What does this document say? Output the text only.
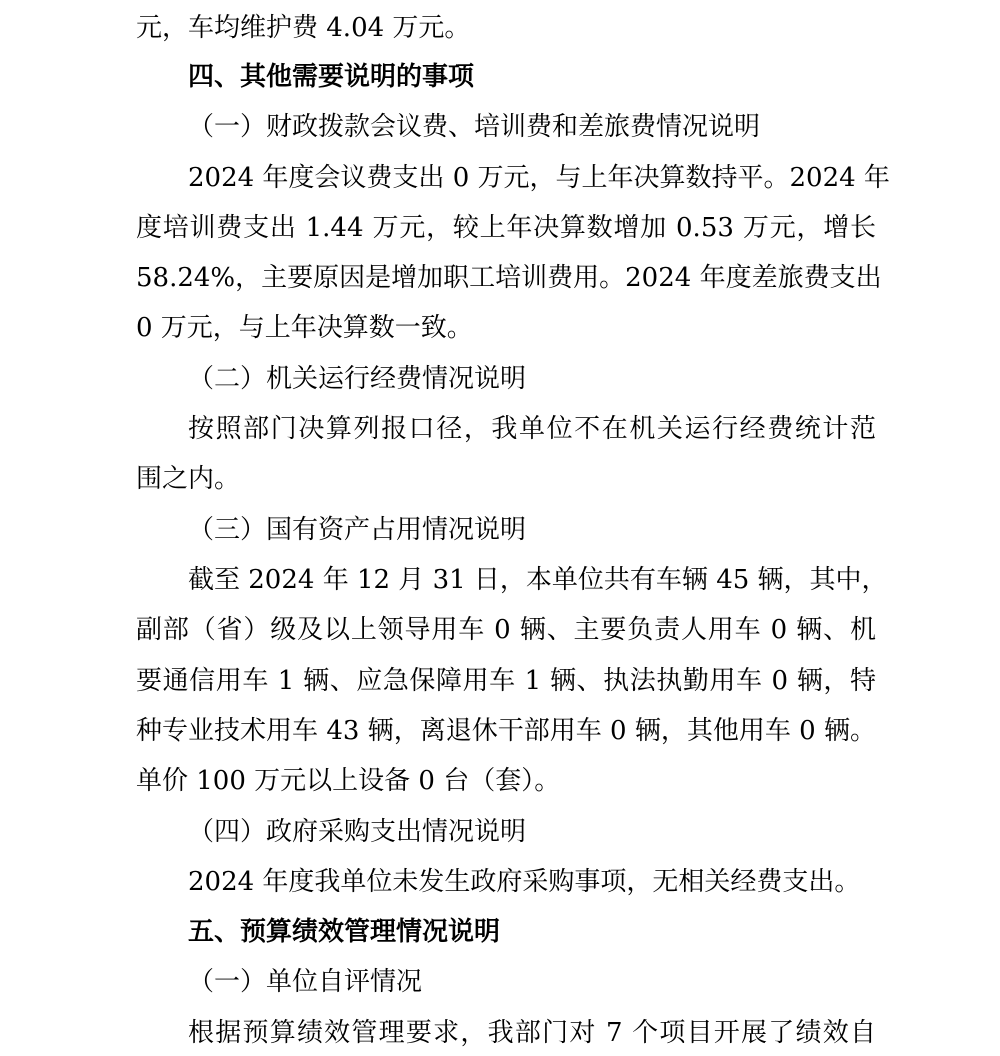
元，车均维护费 4.04 万元。
四、其他需要说明的事项
（一）财政拨款会议费、培训费和差旅费情况说明
2024 年度会议费支出 0 万元，与上年决算数持平。2024 年
度培训费支出 1.44 万元，较上年决算数增加 0.53 万元，增长
58.24%，主要原因是增加职工培训费用。2024 年度差旅费支出
0 万元，与上年决算数一致。
（二）机关运行经费情况说明
按照部门决算列报口径，我单位不在机关运行经费统计范
围之内。
（三）国有资产占用情况说明
截至 2024 年 12 月 31 日，本单位共有车辆 45 辆，其中，
副部（省）级及以上领导用车 0 辆、主要负责人用车 0 辆、机
要通信用车 1 辆、应急保障用车 1 辆、执法执勤用车 0 辆，特
种专业技术用车 43 辆，离退休干部用车 0 辆，其他用车 0 辆。
单价 100 万元以上设备 0 台（套）。
（四）政府采购支出情况说明
2024 年度我单位未发生政府采购事项，无相关经费支出。
五、预算绩效管理情况说明
（一）单位自评情况
根据预算绩效管理要求，我部门对 7 个项目开展了绩效自
